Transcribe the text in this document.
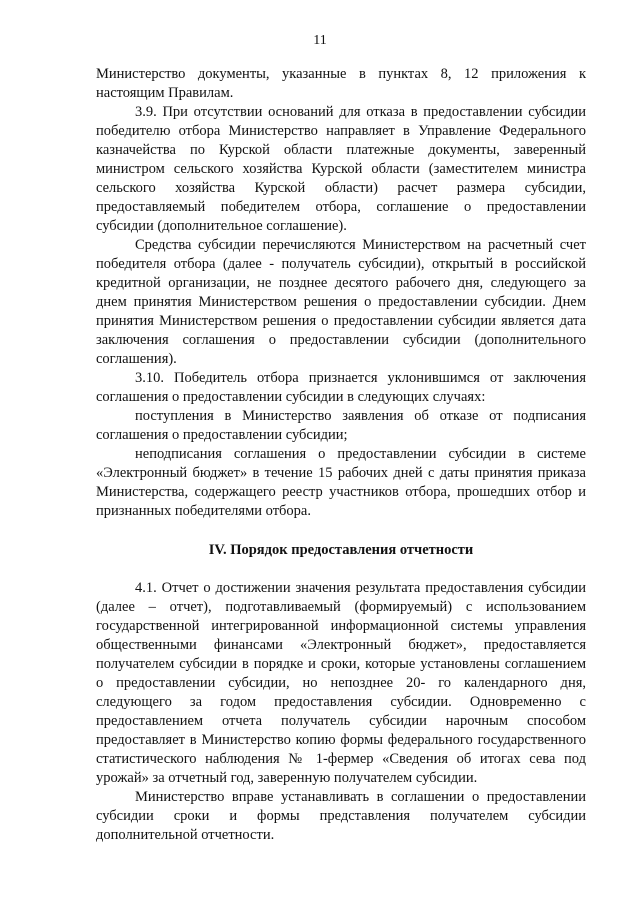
11

Министерство документы, указанные в пунктах 8, 12 приложения к настоящим Правилам.

3.9. При отсутствии оснований для отказа в предоставлении субсидии победителю отбора Министерство направляет в Управление Федерального казначейства по Курской области платежные документы, заверенный министром сельского хозяйства Курской области (заместителем министра сельского хозяйства Курской области) расчет размера субсидии, предоставляемый победителем отбора, соглашение о предоставлении субсидии (дополнительное соглашение).

Средства субсидии перечисляются Министерством на расчетный счет победителя отбора (далее - получатель субсидии), открытый в российской кредитной организации, не позднее десятого рабочего дня, следующего за днем принятия Министерством решения о предоставлении субсидии. Днем принятия Министерством решения о предоставлении субсидии является дата заключения соглашения о предоставлении субсидии (дополнительного соглашения).

3.10. Победитель отбора признается уклонившимся от заключения соглашения о предоставлении субсидии в следующих случаях:

поступления в Министерство заявления об отказе от подписания соглашения о предоставлении субсидии;

неподписания соглашения о предоставлении субсидии в системе «Электронный бюджет» в течение 15 рабочих дней с даты принятия приказа Министерства, содержащего реестр участников отбора, прошедших отбор и признанных победителями отбора.

IV. Порядок предоставления отчетности

4.1. Отчет о достижении значения результата предоставления субсидии (далее – отчет), подготавливаемый (формируемый) с использованием государственной интегрированной информационной системы управления общественными финансами «Электронный бюджет», предоставляется получателем субсидии в порядке и сроки, которые установлены соглашением о предоставлении субсидии, но непозднее 20- го календарного дня, следующего за годом предоставления субсидии. Одновременно с предоставлением отчета получатель субсидии нарочным способом предоставляет в Министерство копию формы федерального государственного статистического наблюдения № 1-фермер «Сведения об итогах сева под урожай» за отчетный год, заверенную получателем субсидии.

Министерство вправе устанавливать в соглашении о предоставлении субсидии сроки и формы представления получателем субсидии дополнительной отчетности.
